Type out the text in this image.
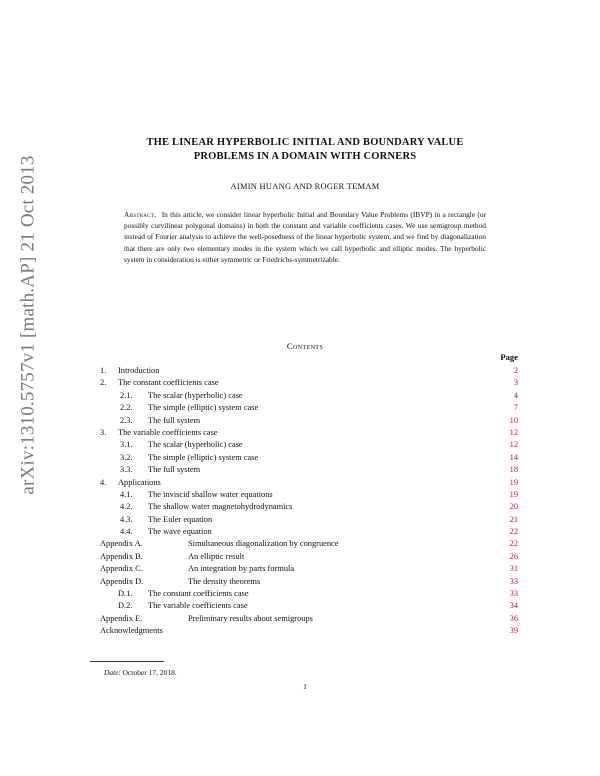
arXiv:1310.5757v1 [math.AP] 21 Oct 2013
THE LINEAR HYPERBOLIC INITIAL AND BOUNDARY VALUE
PROBLEMS IN A DOMAIN WITH CORNERS
AIMIN HUANG AND ROGER TEMAM
Abstract. In this article, we consider linear hyperbolic Initial and Boundary Value Problems (IBVP) in a rectangle (or possibly curvilinear polygonal domains) in both the constant and variable coefficients cases. We use semigroup method instead of Fourier analysis to achieve the well-posedness of the linear hyperbolic system, and we find by diagonalization that there are only two elementary modes in the system which we call hyperbolic and elliptic modes. The hyperbolic system in consideration is either symmetric or Friedrichs-symmetrizable.
Contents
Page
1.	Introduction	2
2.	The constant coefficients case	3
2.1.	The scalar (hyperbolic) case	4
2.2.	The simple (elliptic) system case	7
2.3.	The full system	10
3.	The variable coefficients case	12
3.1.	The scalar (hyperbolic) case	12
3.2.	The simple (elliptic) system case	14
3.3.	The full system	18
4.	Applications	19
4.1.	The inviscid shallow water equations	19
4.2.	The shallow water magnetohydrodynamics	20
4.3.	The Euler equation	21
4.4.	The wave equation	22
Appendix A.	Simultaneous diagonalization by congruence	22
Appendix B.	An elliptic result	26
Appendix C.	An integration by parts formula	31
Appendix D.	The density theorems	33
D.1.	The constant coefficients case	33
D.2.	The variable coefficients case	34
Appendix E.	Preliminary results about semigroups	36
Acknowledgments	39
Date: October 17, 2018.
1
